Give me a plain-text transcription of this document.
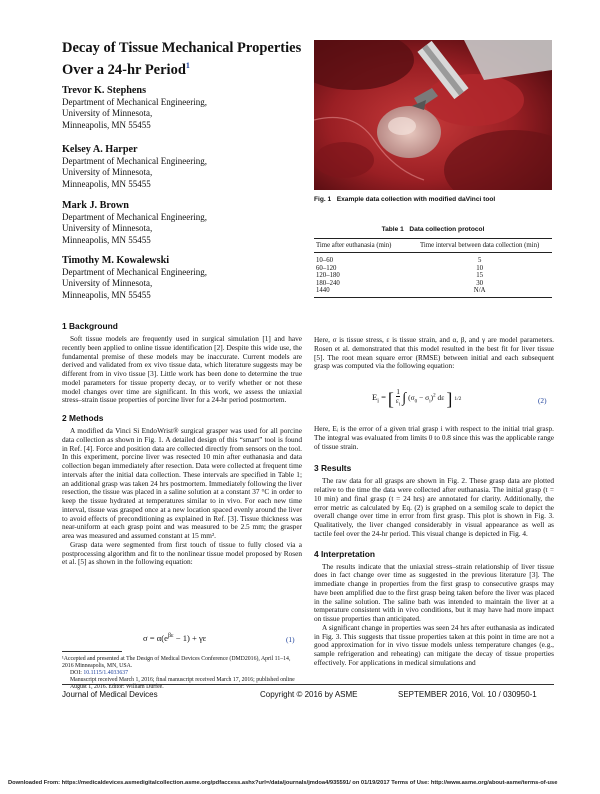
Decay of Tissue Mechanical Properties
Over a 24-hr Period$^1$
Trevor K. Stephens
Department of Mechanical Engineering,
University of Minnesota,
Minneapolis, MN 55455
Kelsey A. Harper
Department of Mechanical Engineering,
University of Minnesota,
Minneapolis, MN 55455
Mark J. Brown
Department of Mechanical Engineering,
University of Minnesota,
Minneapolis, MN 55455
Timothy M. Kowalewski
Department of Mechanical Engineering,
University of Minnesota,
Minneapolis, MN 55455
Fig. 1 Example data collection with modified daVinci tool
Table 1 Data collection protocol
Time after euthanasia (min)	Time interval between data collection (min)
10–60	5
60–120	10
120–180	15
180–240	30
1440	N/A
1 Background

Soft tissue models are frequently used in surgical simulation [1] and have recently been applied to online tissue identification [2]. Despite this wide use, the fundamental premise of these models may be inaccurate. Current models are derived and validated from ex vivo tissue data, which literature suggests may be different from in vivo tissue [3]. Little work has been done to determine the true model parameters for tissue property decay, or to verify whether or not these model changes over time are significant. In this work, we assess the uniaxial stress–strain tissue properties of porcine liver for a 24-hr period postmortem.

2 Methods

A modified da Vinci Si EndoWrist® surgical grasper was used for all porcine data collection as shown in Fig. 1. A detailed design of this “smart” tool is found in Ref. [4]. Force and position data are collected directly from sensors on the tool. In this experiment, porcine liver was resected 10 min after euthanasia and data collection began immediately after resection. Data were collected at frequent time intervals after the initial data collection. These intervals are specified in Table 1; an additional grasp was taken 24 hrs postmortem. Immediately following the liver resection, the tissue was placed in a saline solution at a constant 37 °C in order to keep the tissue hydrated at temperatures similar to in vivo. For each new time interval, tissue was grasped once at a new location spaced evenly around the liver to avoid effects of preconditioning as explained in Ref. [3]. Tissue thickness was near-uniform at each grasp point and was measured to be 2.5 mm; the grasper area was measured and assumed constant at 15 mm².

Grasp data were segmented from first touch of tissue to fully closed via a postprocessing algorithm and fit to the nonlinear tissue model proposed by Rosen et al. [5] as shown in the following equation:

$\sigma = \alpha(e^{\beta\varepsilon} - 1) + \gamma\varepsilon$	(1)
¹Accepted and presented at The Design of Medical Devices Conference (DMD2016), April 11–14, 2016 Minneapolis, MN, USA.
DOI: 10.1115/1.4033637
Manuscript received March 1, 2016; final manuscript received March 17, 2016; published online August 1, 2016. Editor: William Durfee.

Here, σ is tissue stress, ε is tissue strain, and α, β, and γ are model parameters. Rosen et al. demonstrated that this model resulted in the best fit for liver tissue [5]. The root mean square error (RMSE) between initial and each subsequent grasp was computed via the following equation:

$E_i$ = [ 1
$\varepsilon_i$ ∫ $(\sigma_0 - \sigma_i)^2$ dε ] 1/2	(2)

Here, Eᵢ is the error of a given trial grasp i with respect to the initial trial grasp. The integral was evaluated from limits 0 to 0.8 since this was the applicable range of tissue strain.

3 Results

The raw data for all grasps are shown in Fig. 2. These grasp data are plotted relative to the time the data were collected after euthanasia. The initial grasp (t = 10 min) and final grasp (t = 24 hrs) are annotated for clarity. Additionally, the error metric as calculated by Eq. (2) is graphed on a semilog scale to depict the overall change over time in error from first grasp. This plot is shown in Fig. 3. Qualitatively, the liver changed considerably in visual appearance as well as tactile feel over the 24-hr period. This visual change is depicted in Fig. 4.

4 Interpretation

The results indicate that the uniaxial stress–strain relationship of liver tissue does in fact change over time as suggested in the previous literature [3]. The immediate change in properties from the first grasp to consecutive grasps may have been amplified due to the first grasp being taken before the liver was placed in the saline solution. The saline bath was intended to maintain the liver at a temperature consistent with in vivo conditions, but it may have had more impact on tissue properties than anticipated.

A significant change in properties was seen 24 hrs after euthanasia as indicated in Fig. 3. This suggests that tissue properties taken at this point in time are not a good approximation for in vivo tissue models unless temperature changes (e.g., sample refrigeration and reheating) can mitigate the decay of tissue properties effectively. For applications in medical simulations and

Journal of Medical Devices	Copyright © 2016 by ASME	SEPTEMBER 2016, Vol. 10 / 030950-1
Downloaded From: https://medicaldevices.asmedigitalcollection.asme.org/pdfaccess.ashx?url=/data/journals/jmdoa4/935591/ on 01/19/2017 Terms of Use: http://www.asme.org/about-asme/terms-of-use
